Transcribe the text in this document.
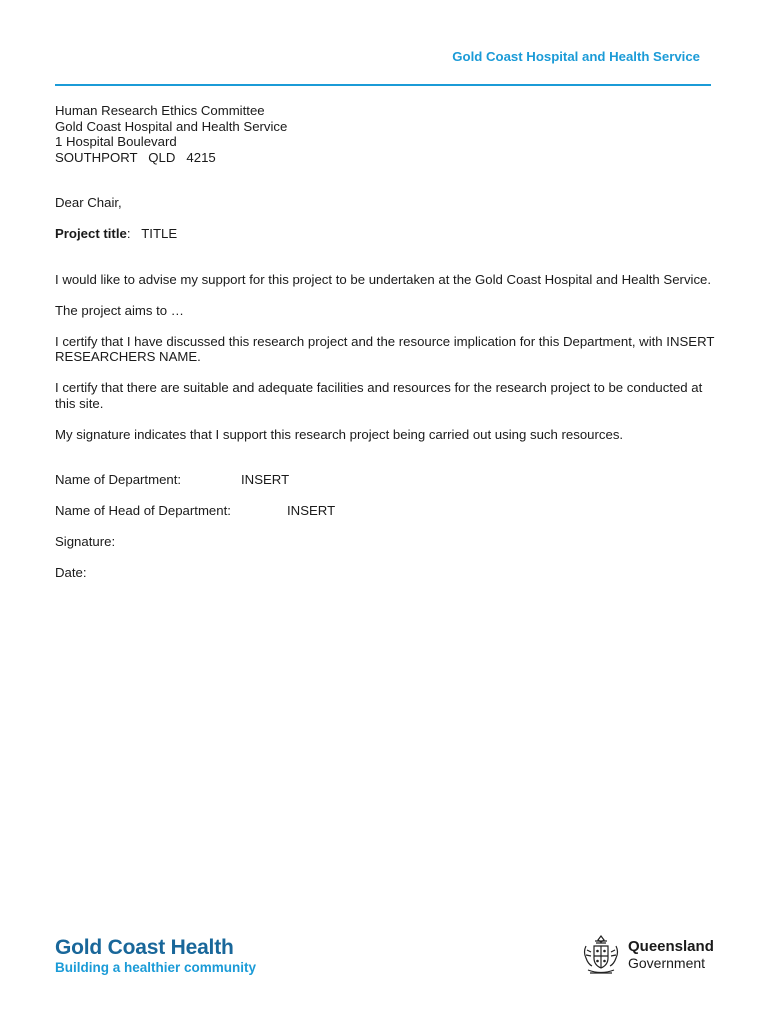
Gold Coast Hospital and Health Service
Human Research Ethics Committee
Gold Coast Hospital and Health Service
1 Hospital Boulevard
SOUTHPORT   QLD   4215

Dear Chair,

Project title:   TITLE

I would like to advise my support for this project to be undertaken at the Gold Coast Hospital and Health Service.

The project aims to …

I certify that I have discussed this research project and the resource implication for this Department, with INSERT RESEARCHERS NAME.

I certify that there are suitable and adequate facilities and resources for the research project to be conducted at this site.

My signature indicates that I support this research project being carried out using such resources.

Name of Department:	INSERT
Name of Head of Department:	INSERT
Signature:
Date:
Gold Coast Health
Building a healthier community
Queensland
Government
